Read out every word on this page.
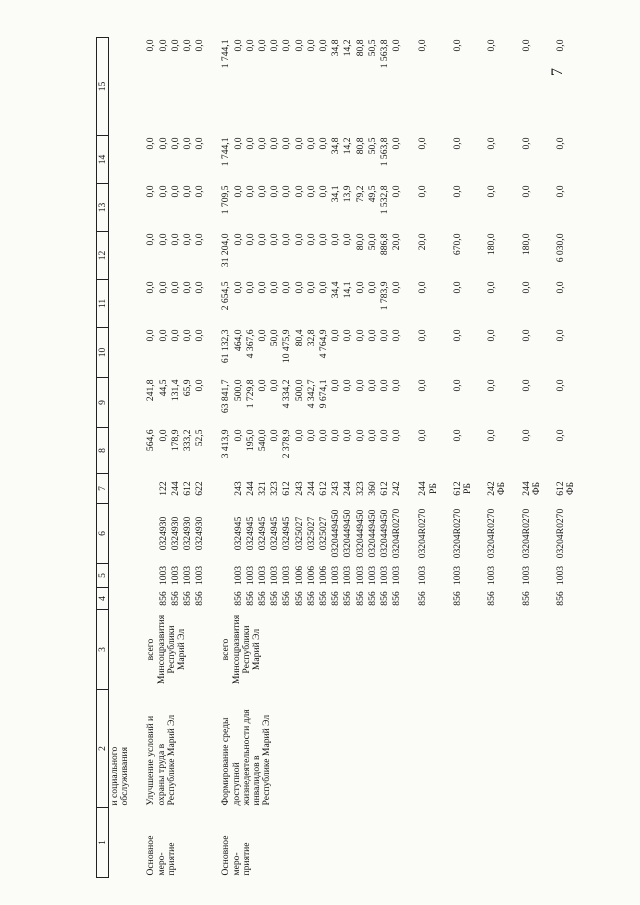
7
1	2	3	4	5	6	7	8	9	10	11	12	13	14	15

	и социального обслуживания													

Основное меро- приятие	Улучшение условий и охраны труда в Республике Марий Эл	всего Минсоцразвития Республики Марий Эл					564,6	241,8	0,0	0,0	0,0	0,0	0,0	0,0
			856	1003	0324930	122	0,0	44,5	0,0	0,0	0,0	0,0	0,0	0,0
			856	1003	0324930	244	178,9	131,4	0,0	0,0	0,0	0,0	0,0	0,0
			856	1003	0324930	612	333,2	65,9	0,0	0,0	0,0	0,0	0,0	0,0
			856	1003	0324930	622	52,5	0,0	0,0	0,0	0,0	0,0	0,0	0,0

Основное меро- приятие	Формирование среды доступной жизнедеятельности для инвалидов в Республике Марий Эл	всего Минсоцразвития Республики Марий Эл					3 413,9	63 841,7	61 132,3	2 654,5	31 204,0	1 709,5	1 744,1	1 744,1
			856	1003	0324945	243	0,0	500,0	464,0	0,0	0,0	0,0	0,0	0,0
			856	1003	0324945	244	195,0	1 729,8	4 367,6	0,0	0,0	0,0	0,0	0,0
			856	1003	0324945	321	540,0	0,0	0,0	0,0	0,0	0,0	0,0	0,0
			856	1003	0324945	323	0,0	0,0	50,0	0,0	0,0	0,0	0,0	0,0
			856	1003	0324945	612	2 378,9	4 334,2	10 475,9	0,0	0,0	0,0	0,0	0,0
			856	1006	0325027	243	0,0	500,0	80,4	0,0	0,0	0,0	0,0	0,0
			856	1006	0325027	244	0,0	4 342,7	32,8	0,0	0,0	0,0	0,0	0,0
			856	1006	0325027	612	0,0	9 674,1	4 764,9	0,0	0,0	0,0	0,0	0,0
			856	1003	0320449450	243	0,0	0,0	0,0	34,4	0,0	34,1	34,8	34,8
			856	1003	0320449450	244	0,0	0,0	0,0	14,1	0,0	13,9	14,2	14,2
			856	1003	0320449450	323	0,0	0,0	0,0	0,0	80,0	79,2	80,8	80,8
			856	1003	0320449450	360	0,0	0,0	0,0	0,0	50,0	49,5	50,5	50,5
			856	1003	0320449450	612	0,0	0,0	0,0	1 783,9	886,8	1 532,8	1 563,8	1 563,8
			856	1003	03204R0270	242	0,0	0,0	0,0	0,0	20,0	0,0	0,0	0,0

			856	1003	03204R0270	244 РБ	0,0	0,0	0,0	0,0	20,0	0,0	0,0	0,0

			856	1003	03204R0270	612 РБ	0,0	0,0	0,0	0,0	670,0	0,0	0,0	0,0

			856	1003	03204R0270	242 ФБ	0,0	0,0	0,0	0,0	180,0	0,0	0,0	0,0

			856	1003	03204R0270	244 ФБ	0,0	0,0	0,0	0,0	180,0	0,0	0,0	0,0

			856	1003	03204R0270	612 ФБ	0,0	0,0	0,0	0,0	6 030,0	0,0	0,0	0,0
